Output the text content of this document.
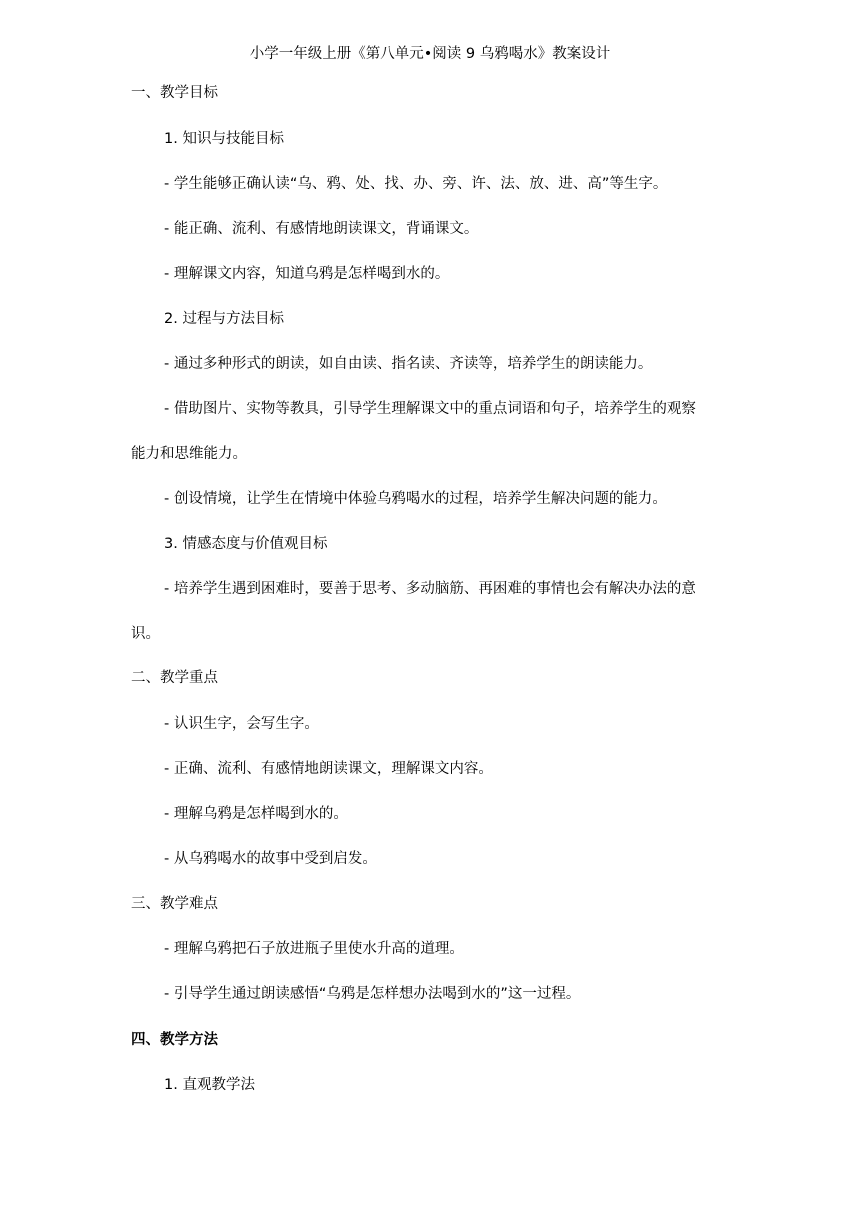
小学一年级上册《第八单元•阅读 9 乌鸦喝水》教案设计
一、教学目标
1. 知识与技能目标
- 学生能够正确认读“乌、鸦、处、找、办、旁、许、法、放、进、高”等生字。
- 能正确、流利、有感情地朗读课文，背诵课文。
- 理解课文内容，知道乌鸦是怎样喝到水的。
2. 过程与方法目标
- 通过多种形式的朗读，如自由读、指名读、齐读等，培养学生的朗读能力。
- 借助图片、实物等教具，引导学生理解课文中的重点词语和句子，培养学生的观察
能力和思维能力。
- 创设情境，让学生在情境中体验乌鸦喝水的过程，培养学生解决问题的能力。
3. 情感态度与价值观目标
- 培养学生遇到困难时，要善于思考、多动脑筋、再困难的事情也会有解决办法的意
识。
二、教学重点
- 认识生字，会写生字。
- 正确、流利、有感情地朗读课文，理解课文内容。
- 理解乌鸦是怎样喝到水的。
- 从乌鸦喝水的故事中受到启发。
三、教学难点
- 理解乌鸦把石子放进瓶子里使水升高的道理。
- 引导学生通过朗读感悟“乌鸦是怎样想办法喝到水的”这一过程。
四、教学方法
1. 直观教学法
